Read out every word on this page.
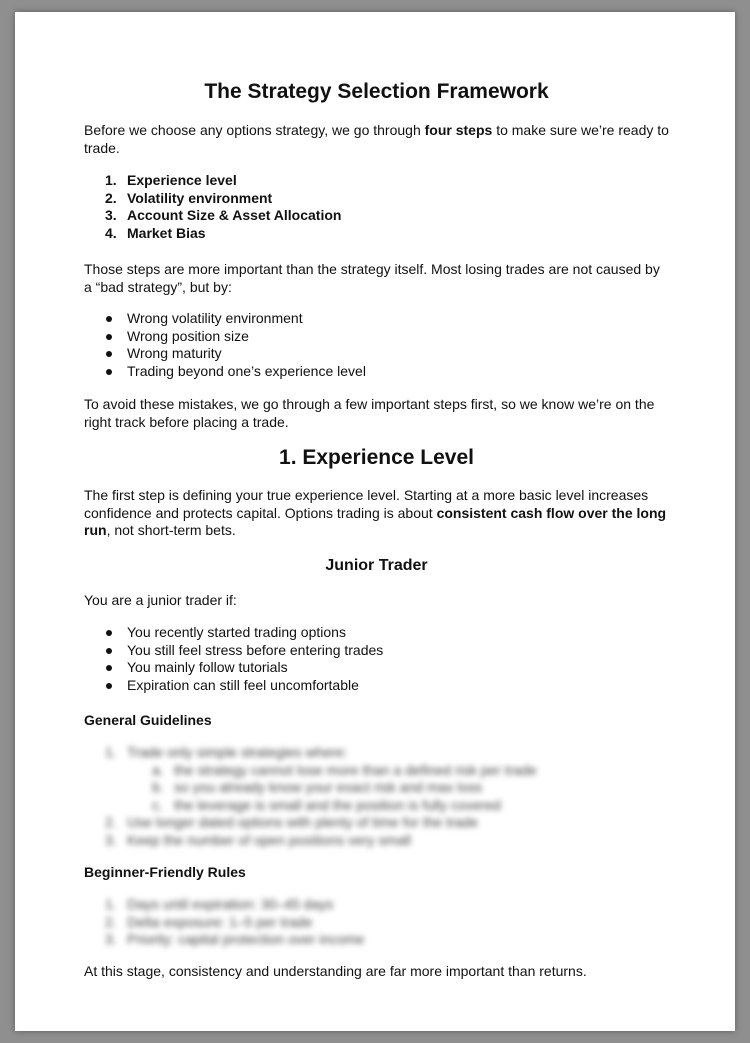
The Strategy Selection Framework

Before we choose any options strategy, we go through four steps to make sure we’re ready to trade.

1. Experience level
2. Volatility environment
3. Account Size & Asset Allocation
4. Market Bias

Those steps are more important than the strategy itself. Most losing trades are not caused by a “bad strategy”, but by:

Wrong volatility environment
Wrong position size
Wrong maturity
Trading beyond one’s experience level

To avoid these mistakes, we go through a few important steps first, so we know we’re on the right track before placing a trade.

1. Experience Level

The first step is defining your true experience level. Starting at a more basic level increases confidence and protects capital. Options trading is about consistent cash flow over the long run, not short-term bets.

Junior Trader

You are a junior trader if:

You recently started trading options
You still feel stress before entering trades
You mainly follow tutorials
Expiration can still feel uncomfortable
General Guidelines
1. Trade only simple strategies where:
a. the strategy cannot lose more than a defined risk per trade
b. so you already know your exact risk and max loss
c. the leverage is small and the position is fully covered
2. Use longer dated options with plenty of time for the trade
3. Keep the number of open positions very small
Beginner-Friendly Rules
1. Days until expiration: 30–45 days
2. Delta exposure: 1–5 per trade
3. Priority: capital protection over income

At this stage, consistency and understanding are far more important than returns.
